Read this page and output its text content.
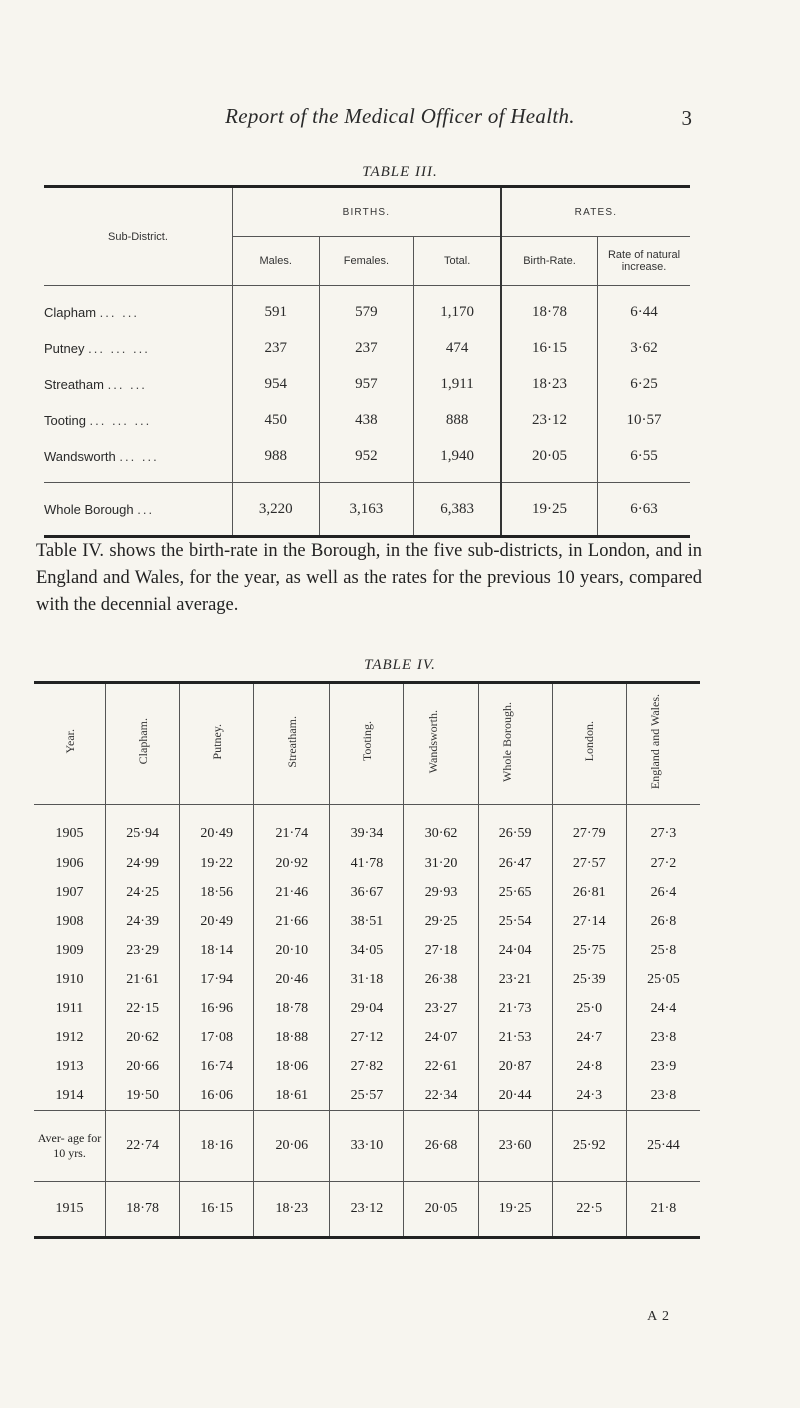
Report of the Medical Officer of Health.	3
TABLE III.
Sub-District.	BIRTHS.			RATES.	
	Males.	Females.	Total.	Birth-Rate.	Rate of natural increase.
Clapham ... ...	591	579	1,170	18·78	6·44
Putney ... ... ...	237	237	474	16·15	3·62
Streatham ... ...	954	957	1,911	18·23	6·25
Tooting ... ... ...	450	438	888	23·12	10·57
Wandsworth ... ...	988	952	1,940	20·05	6·55

Whole Borough ...	3,220	3,163	6,383	19·25	6·63
Table IV. shows the birth-rate in the Borough, in the five sub-districts, in London, and in England and Wales, for the year, as well as the rates for the previous 10 years, compared with the decennial average.
TABLE IV.
Year.	Clapham.	Putney.	Streatham.	Tooting.	Wandsworth.	Whole Borough.	London.	England and Wales.
1905	25·94	20·49	21·74	39·34	30·62	26·59	27·79	27·3
1906	24·99	19·22	20·92	41·78	31·20	26·47	27·57	27·2
1907	24·25	18·56	21·46	36·67	29·93	25·65	26·81	26·4
1908	24·39	20·49	21·66	38·51	29·25	25·54	27·14	26·8
1909	23·29	18·14	20·10	34·05	27·18	24·04	25·75	25·8
1910	21·61	17·94	20·46	31·18	26·38	23·21	25·39	25·05
1911	22·15	16·96	18·78	29·04	23·27	21·73	25·0	24·4
1912	20·62	17·08	18·88	27·12	24·07	21·53	24·7	23·8
1913	20·66	16·74	18·06	27·82	22·61	20·87	24·8	23·9
1914	19·50	16·06	18·61	25·57	22·34	20·44	24·3	23·8
Aver- age for 10 yrs.	22·74	18·16	20·06	33·10	26·68	23·60	25·92	25·44
1915	18·78	16·15	18·23	23·12	20·05	19·25	22·5	21·8
A 2
